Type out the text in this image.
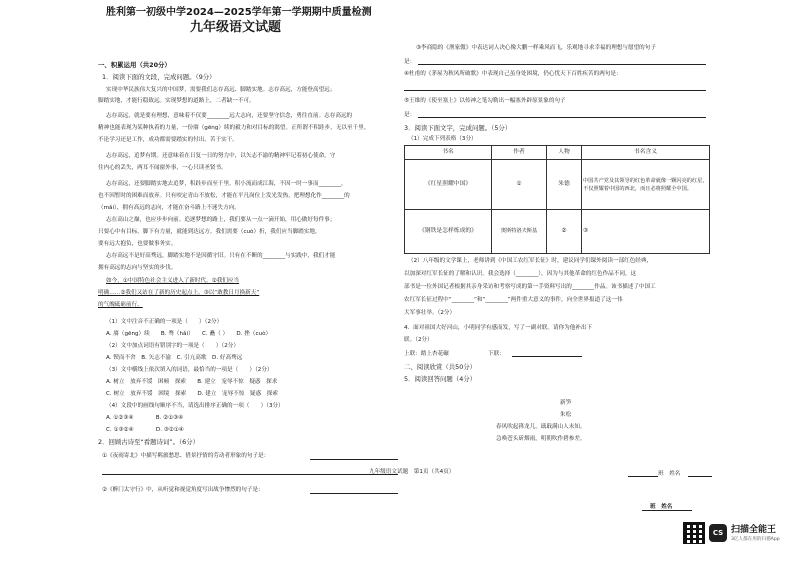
胜利第一初级中学2024—2025学年第一学期期中质量检测
九年级语文试题
一、积累运用（共20分）
1．阅读下面的文段，完成问题。（9分）
实现中华民族伟大复兴的中国梦，需要我们志存高远、脚踏实地。志存高远，方能登高望远；
脚踏实地，才能行稳致远。实现梦想的道路上，二者缺一不可。
志存高远，就是要有理想，意味着不仅要________远大志向，还要坚守信念，勇往直前。志存高远的
精神也能表现为某种执着的力量，一份赓（gēng）续的毅力和对目标的渴望。正所谓不积跬步，无以至千里。
不论学习还是工作，成功都需要踏实的付出、苦干实干。
志存高远，追梦有期。还意味着在日复一日的努力中，以矢志不渝的精神牢记着初心使命，守
住内心的丢失，两耳不闻窗外事，一心只读圣贤书。
志存高远，还要脚踏实地去追梦，积跬步而至千里。积小流而成江海，不因一时一事而________，
也不因暂时的困难而放弃。只有咬定青山不放松，才能在平凡岗位上发光发热，把理想化作________的
（mǎi），拥有高远的志向，才能在奋斗路上不迷失方向。
志在高山之巅，也应步步向前。追逐梦想的路上，我们要从一点一滴开始，用心做好每件事；
只要心中有目标，脚下有力量，就能到达远方。我们需要（cuò）折，我们应当脚踏实地，
要有远大抱负，也要做事务实。
志存高远不是好高骛远，脚踏实地不是因循守旧。只有在不断的________与实践中，我们才能
拥有高远的志向与坚实的步伐。
如今，①中国特色社会主义进入了新时代。②我们应当
明确……②我们又站在了新的历史起点上。③以“敢教日月换新天”
的气魄砥砺前行。
（1）文中注音不正确的一项是（　　）（2分）
A. 赓（gēng）续　　B. 骛（hǎi）　　C. 矗（ ）　　D. 挫（cuò）
（2）文中加点词语有错别字的一项是（　　）（2分）
A. 锲而不舍　B. 矢志不渝　C. 引亢高歌　D. 好高骛远
（3）文中横线上依次填入的词语，最恰当的一项是（　　）（2分）
A. 树立　放弃不馁　困顿　探索　　B. 建立　宠辱不惊　疑惑　探求
C. 树立　放弃不馁　困境　探索　　D. 建立　宠辱不惊　疑惑　探索
（4）文段中的画线句顺序不当，请选出排序正确的一项（　　）（3分）
A. ①②③④　　　　B. ②①③④
C. ①③②④　　　　D. ③②①④
2．回顾古诗至“看题诗词”。（6分）
①《夜雨寄北》中描写羁旅愁思、借景抒情的劳动者形象的句子是：
②《醉门太守行》中，从听觉和视觉角度写出战争惨烈的句子是：
③李商隐的《渔家傲》中表达词人决心像大鹏一样乘风而飞，乐观地寻求幸福的理想与愿望的句子
是：
④杜甫的《茅屋为秋风所破歌》中表现自己虽身处困境，仍心忧天下百姓疾苦的两句是：
⑤王维的《使至塞上》以传神之笔勾勒出一幅塞外辟原景象的句子
是：
3．阅读下面文字，完成问题。（5分）
（1）完成下列表格（3分）
书名	作者	人物	书名含义
《红星照耀中国》	①	朱德	中国共产党及其领导的红色革命就像一颗闪亮的红星，不仅照耀着中国的西北，而且必将照耀全中国。
《钢铁是怎样炼成的》	奥斯特洛夫斯基	②	③
（2）八年级的文学课上，老师讲到《中国工农红军长征》时，建议同学们课外阅读一部红色经典，
以加深对红军长征的了解和认识。我会选择（________），因为与其他革命的红色作品不同，这
部书是一位外国记者根据其亲身采访和考察写成的第一手资料写出的________作品。该书描述了中国工
农红军长征过程中“________”和“________”两件重大意义的事件，向全世界报道了这一伟
大军事壮举。（2分）
4．面对祖国大好河山，小明同学有感而发，写了一副对联。请你为他补出下
联。（2分）
上联：踏上杏花碾	下联：
二、阅读欣赏（共50分）
5．阅读回答问题（4分）
新笋
朱松
春风吹起箨龙儿，戢戢满山人未知。
急唤苍头斫烟雨，明朝吹作碧参差。
班　姓名
九年级语文试题　第1页（共4页）
班　姓名
CS 扫描全能王
3亿人都在用的扫描App
